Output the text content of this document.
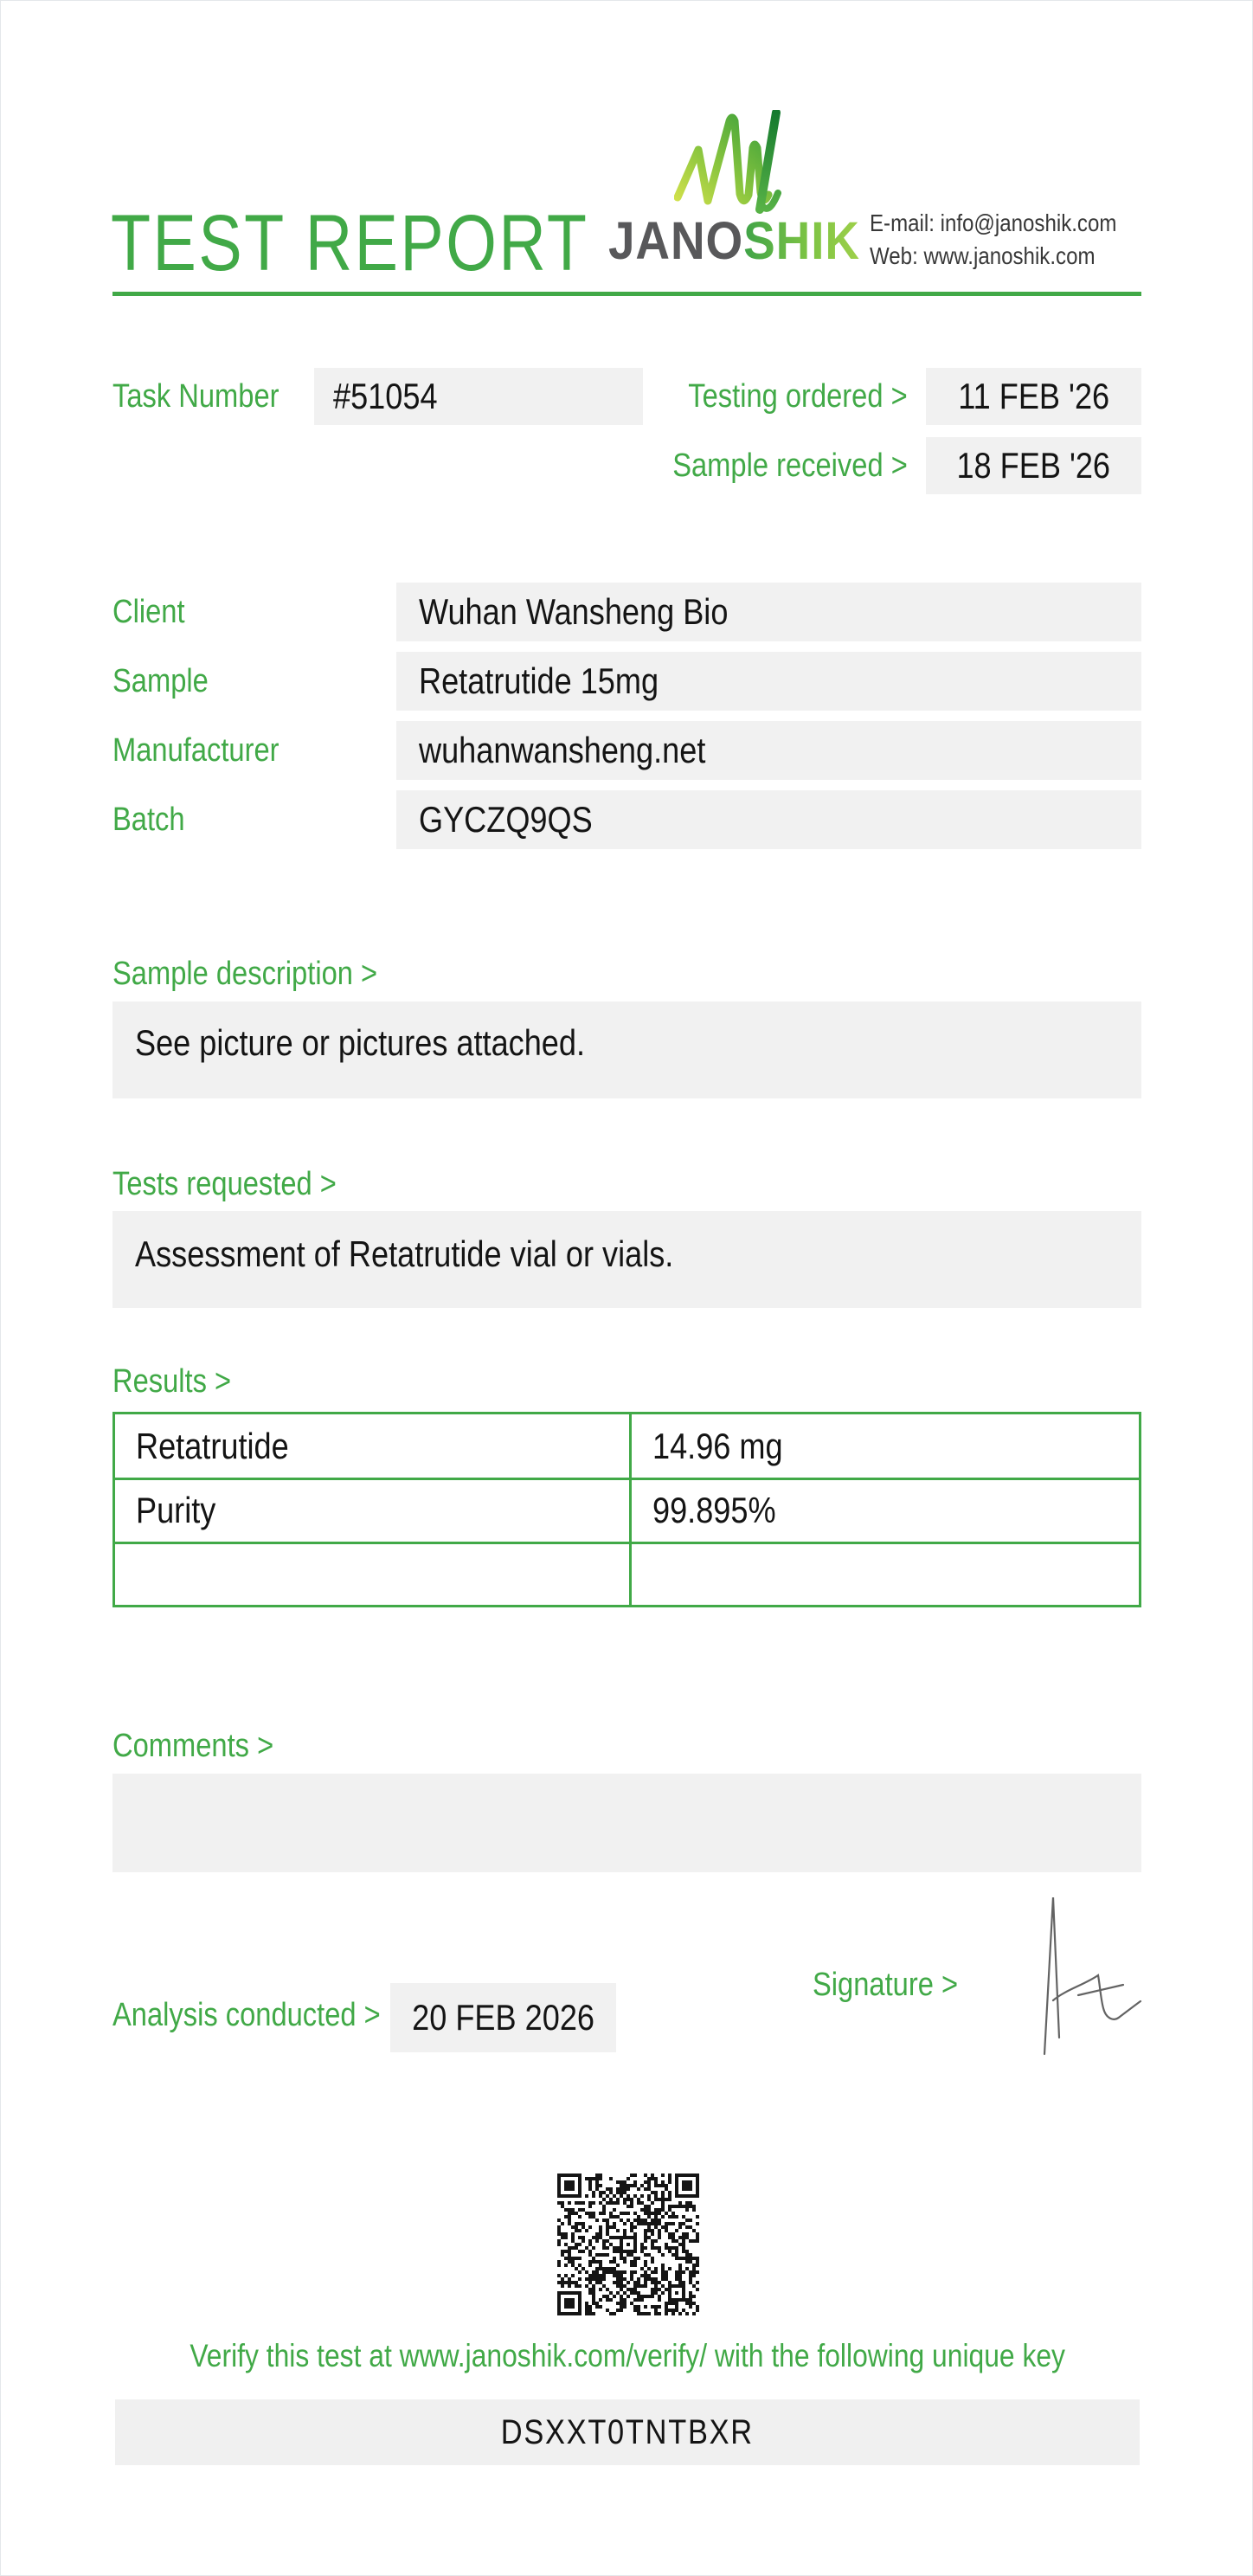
TEST REPORT JANOSHIK E-mail: info@janoshik.com
Web: www.janoshik.com
Task Number #51054	Testing ordered > 11 FEB '26
Sample received > 18 FEB '26
Client	Wuhan Wansheng Bio
Sample	Retatrutide 15mg
Manufacturer	wuhanwansheng.net
Batch	GYCZQ9QS
Sample description >
See picture or pictures attached.
Tests requested >
Assessment of Retatrutide vial or vials.
Results >
Retatrutide	14.96 mg
Purity	99.895%
Comments >
Signature >
Analysis conducted > 20 FEB 2026
Verify this test at www.janoshik.com/verify/ with the following unique key
DSXXT0TNTBXR
